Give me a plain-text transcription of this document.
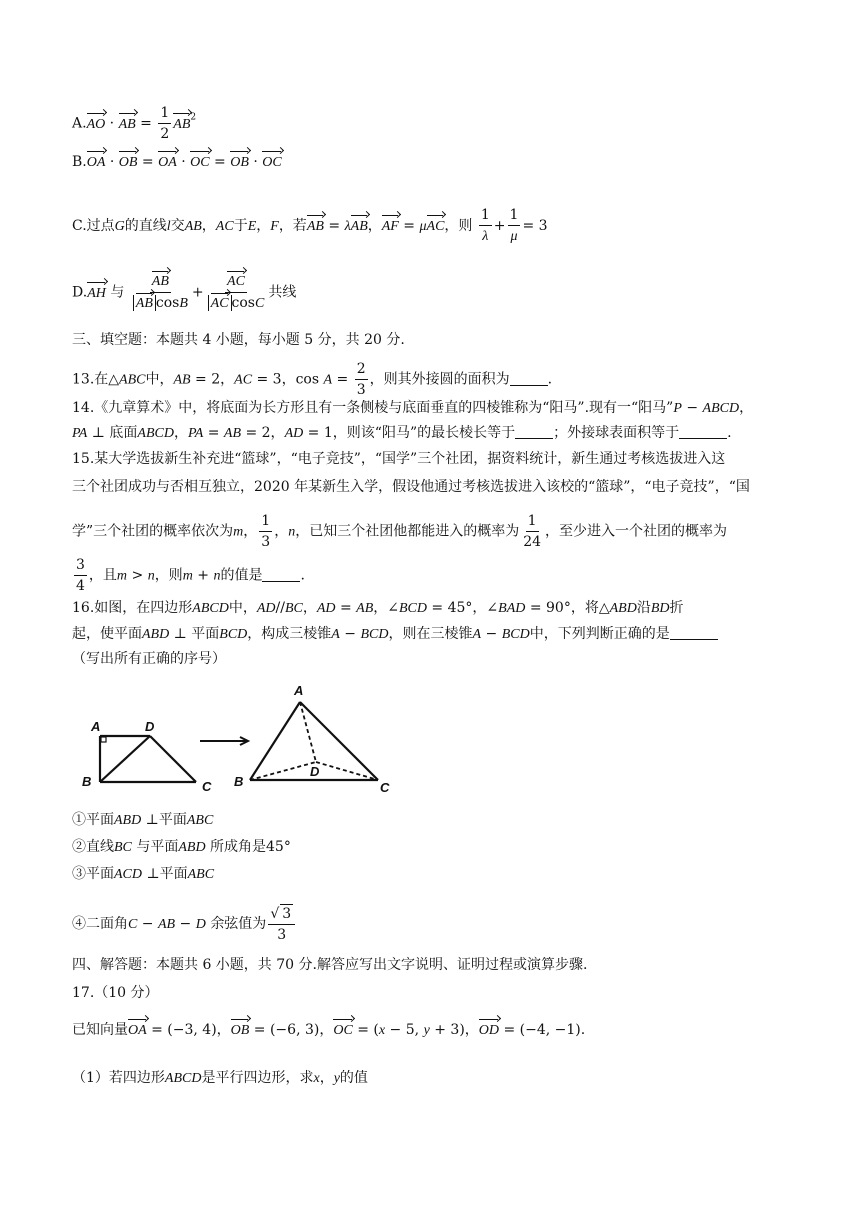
A.AO · AB = $\frac{1}{2} AB^2$
B.OA · OB = OA · OC = OB · OC
C.过点G的直线l交AB，AC于E，F，若AB = λAB，AF = μAC，则 $\frac{1}{\lambda} + \frac{1}{\mu} = 3$
D.AH 与 $\frac{AB}{\text{AB cosB}} + \frac{AC}{\text{AC cosC}}$ 共线
三、填空题：本题共 4 小题，每小题 5 分，共 20 分.
13.在△ABC中，AB = 2，AC = 3，$\cos A = \frac{2}{3}$ ，则其外接圆的面积为	.
14.《九章算术》中，将底面为长方形且有一条侧棱与底面垂直的四棱锥称为“阳马”.现有一“阳马”P − ABCD，
PA ⊥ 底面ABCD，PA = AB = 2，AD = 1，则该“阳马”的最长棱长等于	；外接球表面积等于	.
15.某大学选拔新生补充进“篮球”，“电子竞技”，“国学”三个社团，据资料统计，新生通过考核选拔进入这
三个社团成功与否相互独立，2020 年某新生入学，假设他通过考核选拔进入该校的“篮球”，“电子竞技”，“国
学”三个社团的概率依次为m， $\frac{1}{3}$ ，n，已知三个社团他都能进入的概率为 $\frac{1}{24}$ ，至少进入一个社团的概率为
$\frac{3}{4}$ ，且m > n，则m + n的值是	.
16.如图，在四边形ABCD中，AD//BC，AD = AB，∠BCD = 45°，∠BAD = 90°，将△ABD沿BD折
起，使平面ABD ⊥ 平面BCD，构成三棱锥A − BCD，则在三棱锥A − BCD中，下列判断正确的是
（写出所有正确的序号）
A	D
B	C
A
D
B	C
①平面ABD ⊥平面ABC
②直线BC 与平面ABD 所成角是45°
③平面ACD ⊥平面ABC
④二面角C − AB − D 余弦值为 $\frac{√ 3}{3}$
四、解答题：本题共 6 小题，共 70 分.解答应写出文字说明、证明过程或演算步骤.
17.（10 分）
已知向量OA = (−3, 4)，OB = (−6, 3)，OC = (x − 5, y + 3)，OD = (−4, −1).
（1）若四边形ABCD是平行四边形，求x，y的值
